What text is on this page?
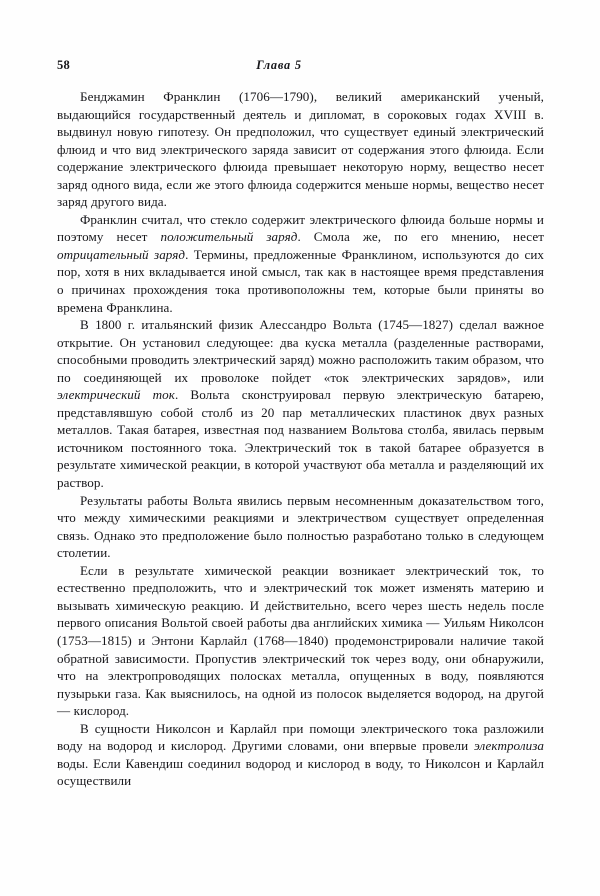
58	Глава 5

Бенджамин Франклин (1706—1790), великий американский ученый, выдающийся государственный деятель и дипломат, в сороковых годах XVIII в. выдвинул новую гипотезу. Он предположил, что существует единый электрический флюид и что вид электрического заряда зависит от содержания этого флюида. Если содержание электрического флюида превышает некоторую норму, вещество несет заряд одного вида, если же этого флюида содержится меньше нормы, вещество несет заряд другого вида.

Франклин считал, что стекло содержит электрического флюида больше нормы и поэтому несет положительный заряд. Смола же, по его мнению, несет отрицательный заряд. Термины, предложенные Франклином, используются до сих пор, хотя в них вкладывается иной смысл, так как в настоящее время представления о причинах прохождения тока противоположны тем, которые были приняты во времена Франклина.

В 1800 г. итальянский физик Алессандро Вольта (1745—1827) сделал важное открытие. Он установил следующее: два куска металла (разделенные растворами, способными проводить электрический заряд) можно расположить таким образом, что по соединяющей их проволоке пойдет «ток электрических зарядов», или электрический ток. Вольта сконструировал первую электрическую батарею, представлявшую собой столб из 20 пар металлических пластинок двух разных металлов. Такая батарея, известная под названием Вольтова столба, явилась первым источником постоянного тока. Электрический ток в такой батарее образуется в результате химической реакции, в которой участвуют оба металла и разделяющий их раствор.

Результаты работы Вольта явились первым несомненным доказательством того, что между химическими реакциями и электричеством существует определенная связь. Однако это предположение было полностью разработано только в следующем столетии.

Если в результате химической реакции возникает электрический ток, то естественно предположить, что и электрический ток может изменять материю и вызывать химическую реакцию. И действительно, всего через шесть недель после первого описания Вольтой своей работы два английских химика — Уильям Николсон (1753—1815) и Энтони Карлайл (1768—1840) продемонстрировали наличие такой обратной зависимости. Пропустив электрический ток через воду, они обнаружили, что на электропроводящих полосках металла, опущенных в воду, появляются пузырьки газа. Как выяснилось, на одной из полосок выделяется водород, на другой — кислород.

В сущности Николсон и Карлайл при помощи электрического тока разложили воду на водород и кислород. Другими словами, они впервые провели электролиза воды. Если Кавендиш соединил водород и кислород в воду, то Николсон и Карлайл осуществили
